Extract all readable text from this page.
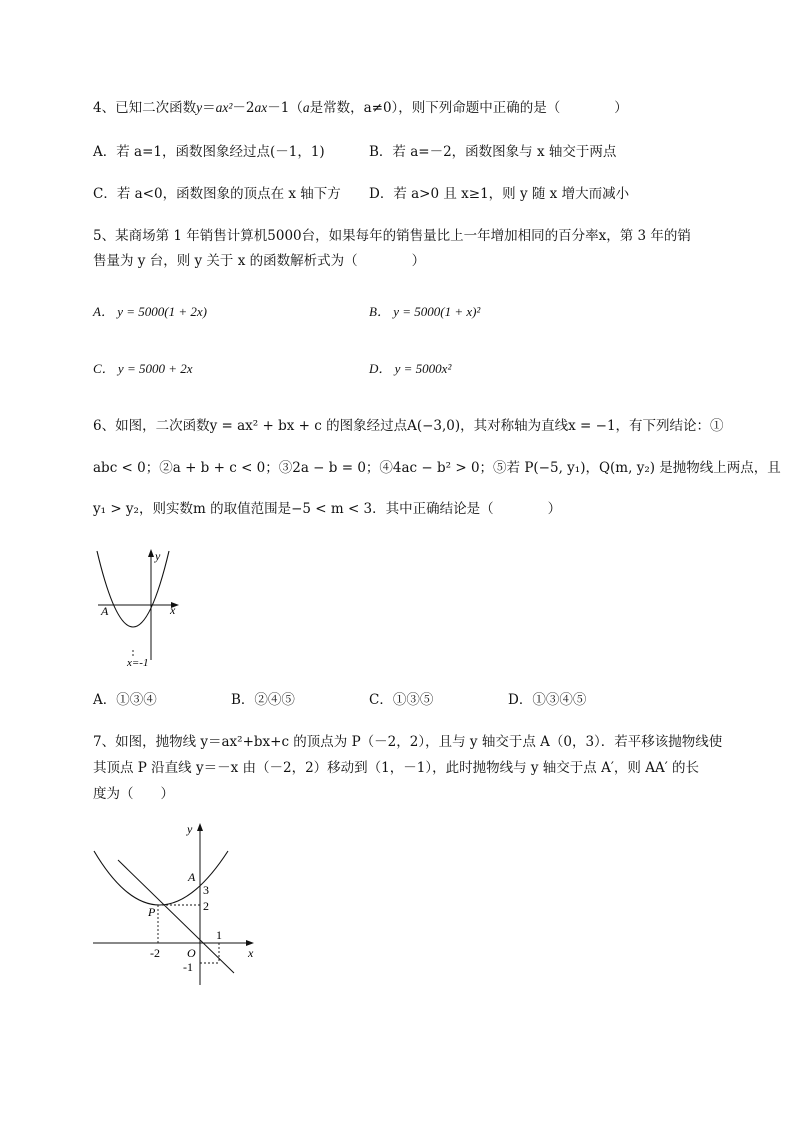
4、已知二次函数y＝ax²－2ax－1（a是常数，a≠0），则下列命题中正确的是（　　　　）
A．若 a=1，函数图象经过点(－1，1)	B．若 a=－2，函数图象与 x 轴交于两点
C．若 a<0，函数图象的顶点在 x 轴下方 D．若 a>0 且 x≥1，则 y 随 x 增大而减小
5、某商场第 1 年销售计算机5000台，如果每年的销售量比上一年增加相同的百分率x，第 3 年的销
售量为 y 台，则 y 关于 x 的函数解析式为（　　　　）
A． y = 5000(1 + 2x)	B． y = 5000(1 + x)²
C． y = 5000 + 2x	D． y = 5000x²
6、如图，二次函数y = ax² + bx + c 的图象经过点A(−3,0)，其对称轴为直线x = −1，有下列结论：①
abc < 0；②a + b + c < 0；③2a − b = 0；④4ac − b² > 0；⑤若 P(−5, y₁)，Q(m, y₂) 是抛物线上两点，且
y₁ > y₂，则实数m 的取值范围是−5 < m < 3．其中正确结论是（　　　　）
y
x
A
x=-1
A．①③④	B．②④⑤	C．①③⑤	D．①③④⑤
7、如图，抛物线 y＝ax²+bx+c 的顶点为 P（－2，2），且与 y 轴交于点 A（0，3）．若平移该抛物线使
其顶点 P 沿直线 y＝－x 由（－2，2）移动到（1，－1），此时抛物线与 y 轴交于点 A′，则 AA′ 的长
度为（　　）
y
x
A
3
2
P
O
1
-2
-1
